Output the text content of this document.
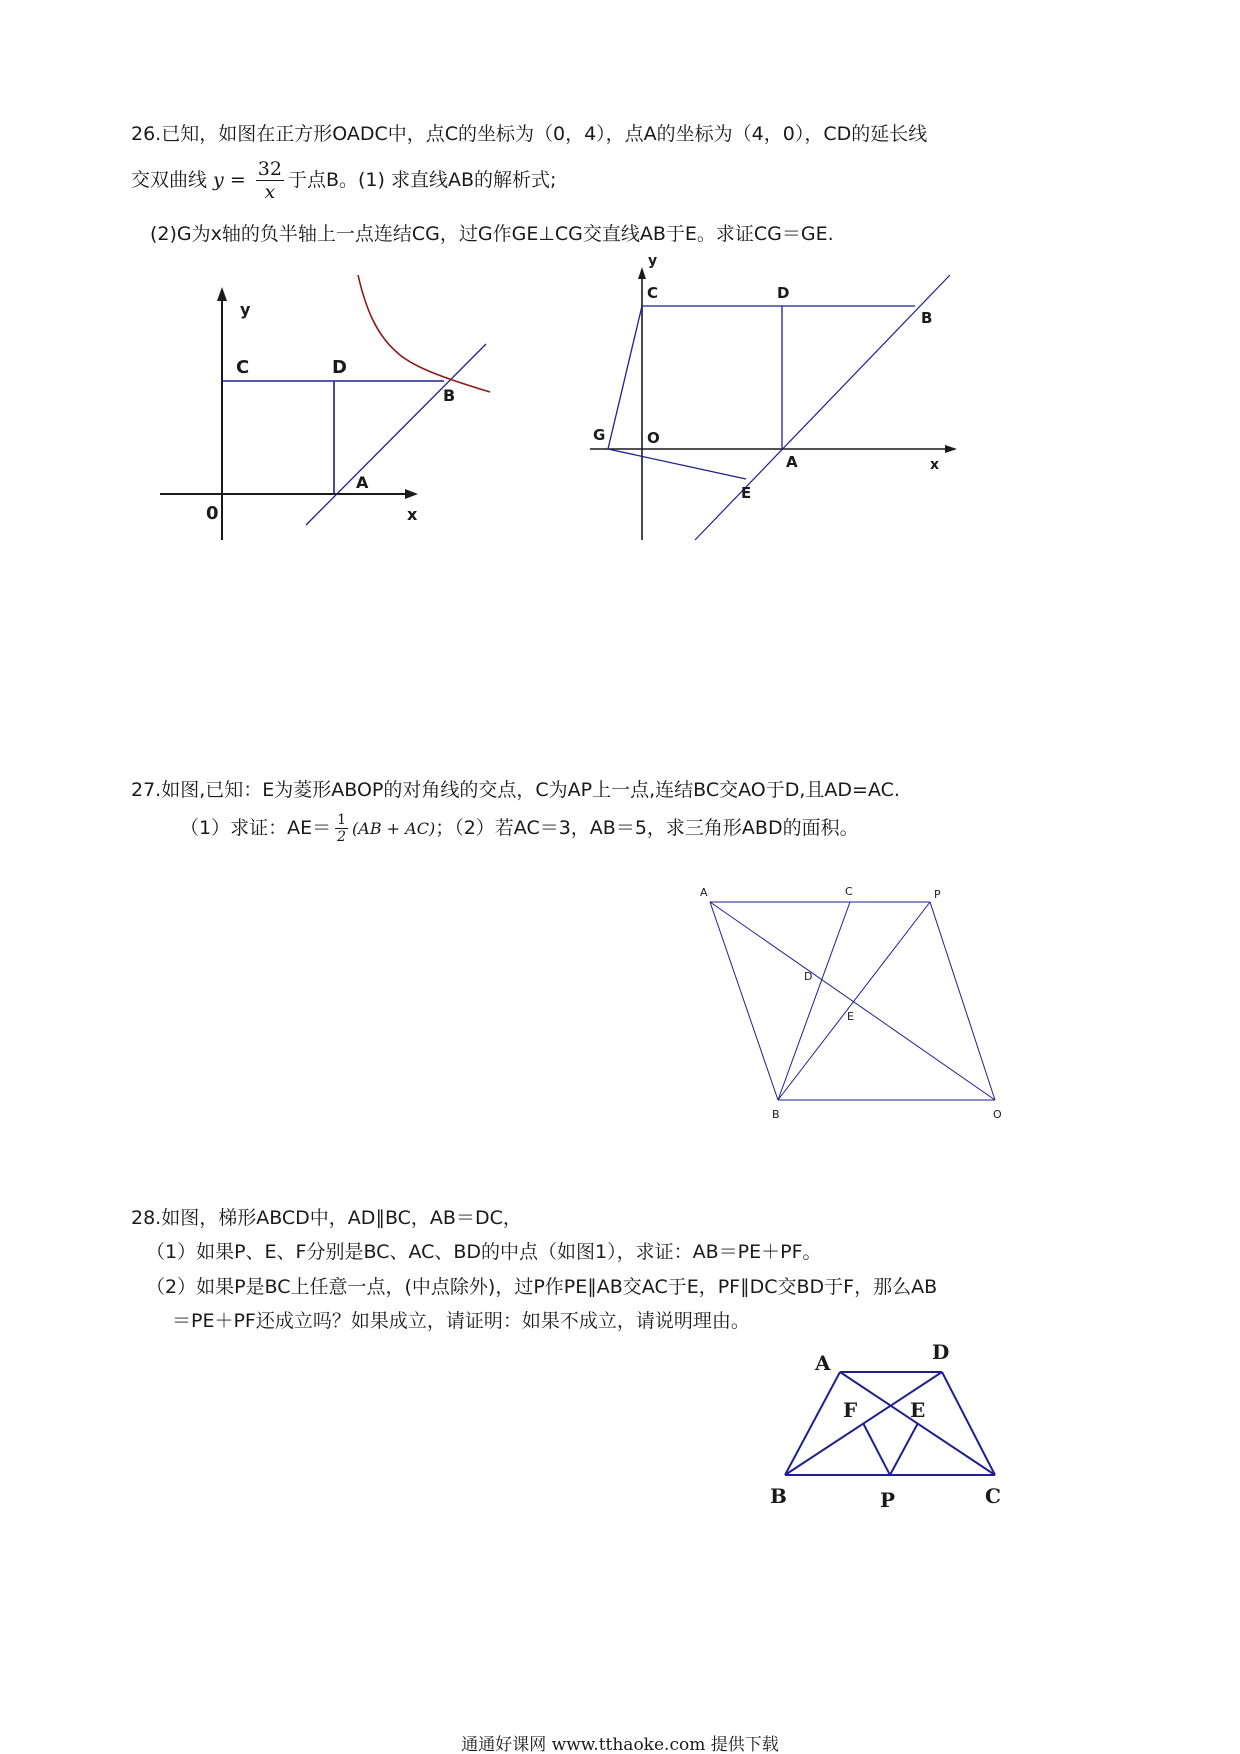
26.已知，如图在正方形OADC中，点C的坐标为（0，4），点A的坐标为（4，0），CD的延长线
交双曲线 $y = \frac{32}{x}$ 于点B。(1) 求直线AB的解析式;
(2)G为x轴的负半轴上一点连结CG，过G作GE⊥CG交直线AB于E。求证CG＝GE.
y
x
C	D
B
A
0
y
x
C	D
B
A
O
G
E
27.如图,已知：E为菱形ABOP的对角线的交点，C为AP上一点,连结BC交AO于D,且AD=AC.
（1）求证：$AE= \frac{1}{2} (AB + AC)$；（2）若AC＝3，AB＝5，求三角形ABD的面积。
A	C	P
D
E
B	O
28.如图，梯形ABCD中，AD∥BC，AB＝DC，
（1）如果P、E、F分别是BC、AC、BD的中点（如图1），求证：AB＝PE＋PF。
（2）如果P是BC上任意一点，(中点除外)，过P作PE∥AB交AC于E，PF∥DC交BD于F，那么AB
＝PE＋PF还成立吗？如果成立，请证明：如果不成立，请说明理由。
A	D
F	E
B	P	C
通通好课网 www.tthaoke.com 提供下载
